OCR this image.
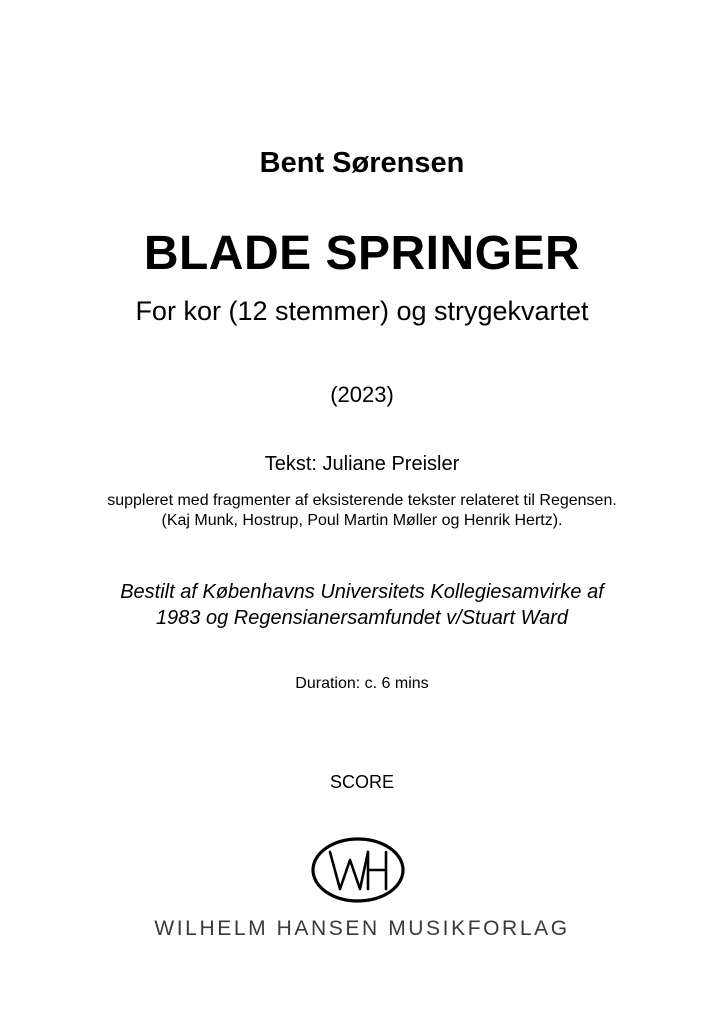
Bent Sørensen
BLADE SPRINGER
For kor (12 stemmer) og strygekvartet
(2023)
Tekst: Juliane Preisler
suppleret med fragmenter af eksisterende tekster relateret til Regensen.
(Kaj Munk, Hostrup, Poul Martin Møller og Henrik Hertz).
Bestilt af Københavns Universitets Kollegiesamvirke af
1983 og Regensianersamfundet v/Stuart Ward
Duration: c. 6 mins
SCORE
WILHELM HANSEN MUSIKFORLAG
